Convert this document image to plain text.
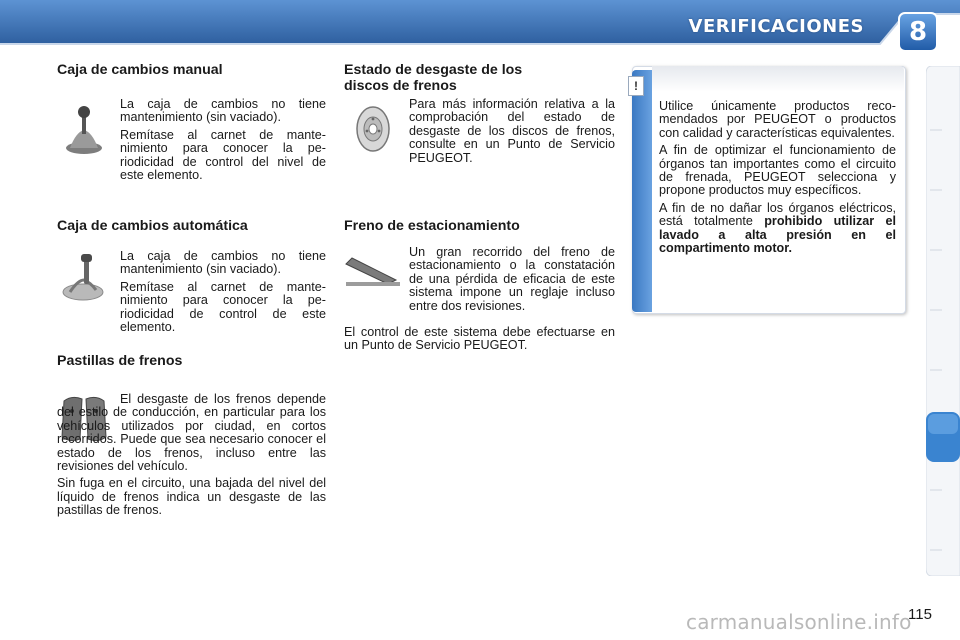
VERIFICACIONES	8
Caja de cambios manual

La caja de cambios no tiene mantenimiento (sin vaciado).

Remítase al carnet de mantenimiento para conocer la periodicidad de control del nivel de este elemento.

Caja de cambios automática

La caja de cambios no tiene mantenimiento (sin vaciado).

Remítase al carnet de mantenimiento para conocer la periodicidad de control de este elemento.

Pastillas de frenos

El desgaste de los frenos depende del estilo de conducción, en particular para los vehículos utilizados por ciudad, en cortos recorridos. Puede que sea necesario conocer el estado de los frenos, incluso entre las revisiones del vehículo.

Sin fuga en el circuito, una bajada del nivel del líquido de frenos indica un desgaste de las pastillas de frenos.

Estado de desgaste de los
discos de frenos

Para más información relativa a la comprobación del estado de desgaste de los discos de frenos, consulte en un Punto de Servicio PEUGEOT.

Freno de estacionamiento

Un gran recorrido del freno de estacionamiento o la constatación de una pérdida de eficacia de este sistema impone un reglaje incluso entre dos revisiones.

El control de este sistema debe efectuarse en un Punto de Servicio PEUGEOT.

!

Utilice únicamente productos recomendados por PEUGEOT o productos con calidad y características equivalentes.

A fin de optimizar el funcionamiento de órganos tan importantes como el circuito de frenada, PEUGEOT selecciona y propone productos muy específicos.

A fin de no dañar los órganos eléctricos, está totalmente prohibido utilizar el lavado a alta presión en el compartimento motor.

carmanualsonline.info
115
